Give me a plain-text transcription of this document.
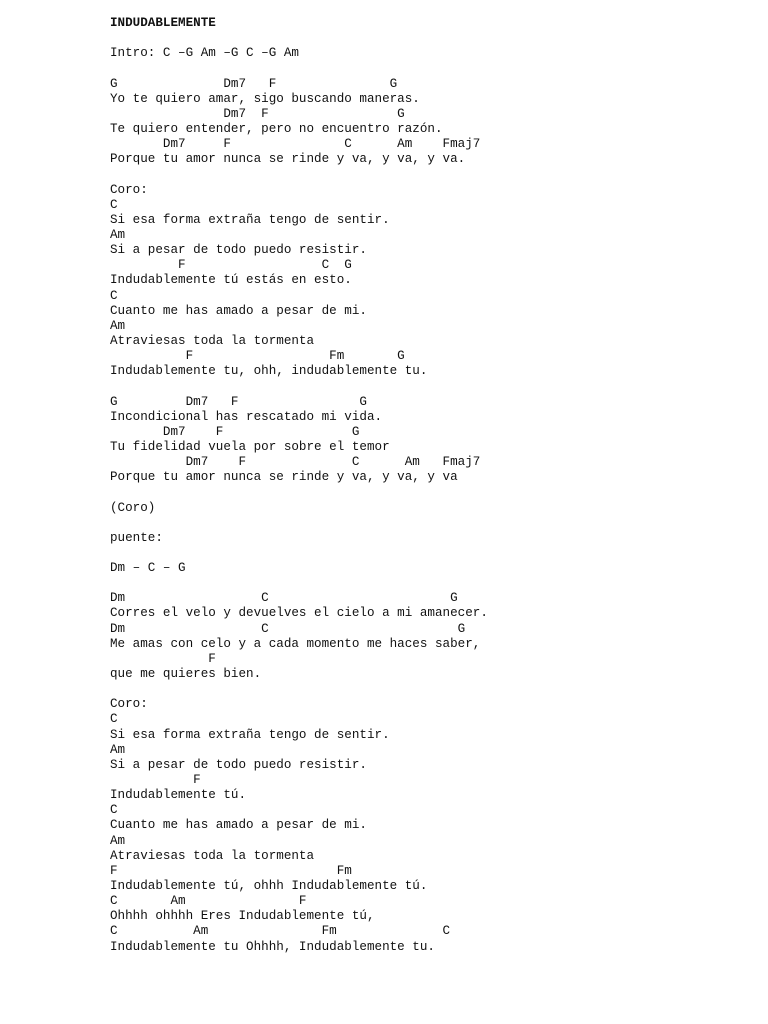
INDUDABLEMENTE
Intro: C –G Am –G C –G Am
G              Dm7   F               G
Yo te quiero amar, sigo buscando maneras.
Dm7  F                 G
Te quiero entender, pero no encuentro razón.
Dm7     F               C      Am    Fmaj7
Porque tu amor nunca se rinde y va, y va, y va.
Coro:
C
Si esa forma extraña tengo de sentir.
Am
Si a pesar de todo puedo resistir.
F                  C  G
Indudablemente tú estás en esto.
C
Cuanto me has amado a pesar de mi.
Am
Atraviesas toda la tormenta
F                  Fm       G
Indudablemente tu, ohh, indudablemente tu.
G         Dm7   F                G
Incondicional has rescatado mi vida.
Dm7    F                 G
Tu fidelidad vuela por sobre el temor
Dm7    F              C      Am   Fmaj7
Porque tu amor nunca se rinde y va, y va, y va
(Coro)
puente:
Dm – C – G
Dm                  C                        G
Corres el velo y devuelves el cielo a mi amanecer.
Dm                  C                         G
Me amas con celo y a cada momento me haces saber,
F
que me quieres bien.
Coro:
C
Si esa forma extraña tengo de sentir.
Am
Si a pesar de todo puedo resistir.
F
Indudablemente tú.
C
Cuanto me has amado a pesar de mi.
Am
Atraviesas toda la tormenta
F                             Fm
Indudablemente tú, ohhh Indudablemente tú.
C       Am               F
Ohhhh ohhhh Eres Indudablemente tú,
C          Am               Fm              C
Indudablemente tu Ohhhh, Indudablemente tu.
